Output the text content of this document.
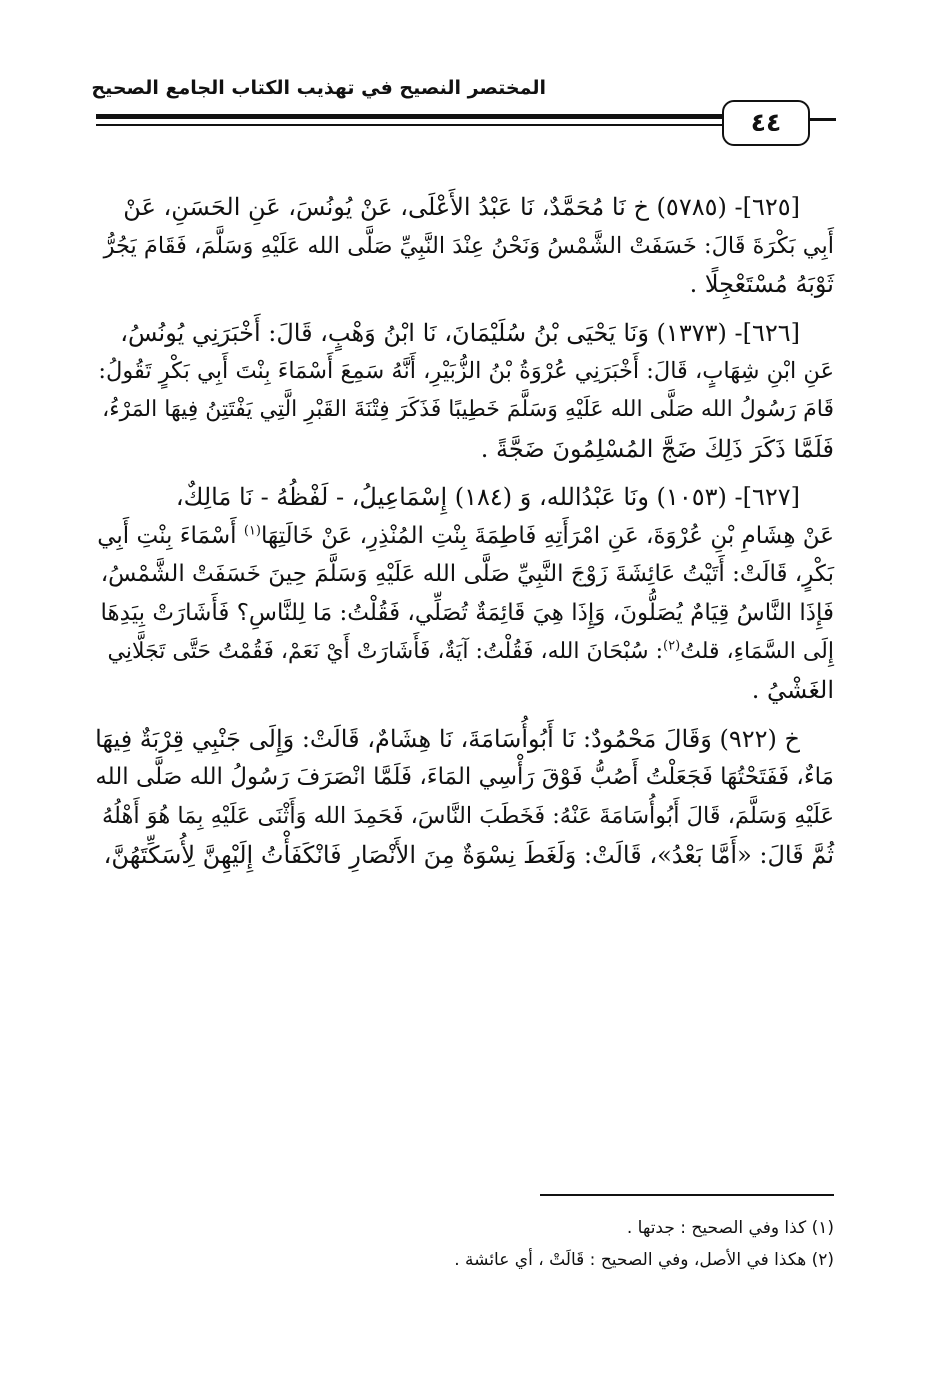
المختصر النصيح في تهذيب الكتاب الجامع الصحيح
٤٤
[٦٢٥]- (٥٧٨٥) خ نَا مُحَمَّدٌ، نَا عَبْدُ الأَعْلَى، عَنْ يُونُسَ، عَنِ الحَسَنِ، عَنْ
أَبِي بَكْرَةَ قَالَ: خَسَفَتْ الشَّمْسُ وَنَحْنُ عِنْدَ النَّبِيِّ صَلَّى الله عَلَيْهِ وَسَلَّمَ، فَقَامَ يَجُرُّ
ثَوْبَهُ مُسْتَعْجِلًا .
[٦٢٦]- (١٣٧٣) وَنَا يَحْيَى بْنُ سُلَيْمَانَ، نَا ابْنُ وَهْبٍ، قَالَ: أَخْبَرَنِي يُونُسُ،
عَنِ ابْنِ شِهَابٍ، قَالَ: أَخْبَرَنِي عُرْوَةُ بْنُ الزُّبَيْرِ، أَنَّهُ سَمِعَ أَسْمَاءَ بِنْتَ أَبِي بَكْرٍ تَقُولُ:
قَامَ رَسُولُ الله صَلَّى الله عَلَيْهِ وَسَلَّمَ خَطِيبًا فَذَكَرَ فِتْنَةَ القَبْرِ الَّتِي يَفْتَتِنُ فِيهَا المَرْءُ،
فَلَمَّا ذَكَرَ ذَلِكَ ضَجَّ المُسْلِمُونَ ضَجَّةً .
[٦٢٧]- (١٠٥٣) ونَا عَبْدُالله، وَ (١٨٤) إِسْمَاعِيلُ، - لَفْظُهُ - نَا مَالِكٌ،
عَنْ هِشَامِ بْنِ عُرْوَةَ، عَنِ امْرَأَتِهِ فَاطِمَةَ بِنْتِ المُنْذِرِ، عَنْ خَالَتِهَا$^{(١)}$ أَسْمَاءَ بِنْتِ أَبِي
بَكْرٍ، قَالَتْ: أَتَيْتُ عَائِشَةَ زَوْجَ النَّبِيِّ صَلَّى الله عَلَيْهِ وَسَلَّمَ حِينَ خَسَفَتْ الشَّمْسُ،
فَإِذَا النَّاسُ قِيَامٌ يُصَلُّونَ، وَإِذَا هِيَ قَائِمَةٌ تُصَلِّي، فَقُلْتُ: مَا لِلنَّاسِ؟ فَأَشَارَتْ بِيَدِهَا
إِلَى السَّمَاءِ، قلتُ$^{(٢)}$: سُبْحَانَ الله، فَقُلْتُ: آيَةٌ، فَأَشَارَتْ أَيْ نَعَمْ، فَقُمْتُ حَتَّى تَجَلَّانِي
الغَشْيُ .
خ (٩٢٢) وَقَالَ مَحْمُودٌ: نَا أَبُوأُسَامَةَ، نَا هِشَامٌ، قَالَتْ: وَإِلَى جَنْبِي قِرْبَةٌ فِيهَا
مَاءٌ، فَفَتَحْتُهَا فَجَعَلْتُ أَصُبُّ فَوْقَ رَأْسِي المَاءَ، فَلَمَّا انْصَرَفَ رَسُولُ الله صَلَّى الله
عَلَيْهِ وَسَلَّمَ، قَالَ أَبُوأُسَامَةَ عَنْهُ: فَخَطَبَ النَّاسَ، فَحَمِدَ الله وَأَثْنَى عَلَيْهِ بِمَا هُوَ أَهْلُهُ
ثُمَّ قَالَ: «أَمَّا بَعْدُ»، قَالَتْ: وَلَغَطَ نِسْوَةٌ مِنَ الأَنْصَارِ فَانْكَفَأْتُ إِلَيْهِنَّ لِأُسَكِّتَهُنَّ،
(١) كذا وفي الصحيح : جدتها .
(٢) هكذا في الأصل، وفي الصحيح : قَالَتْ ، أي عائشة .
